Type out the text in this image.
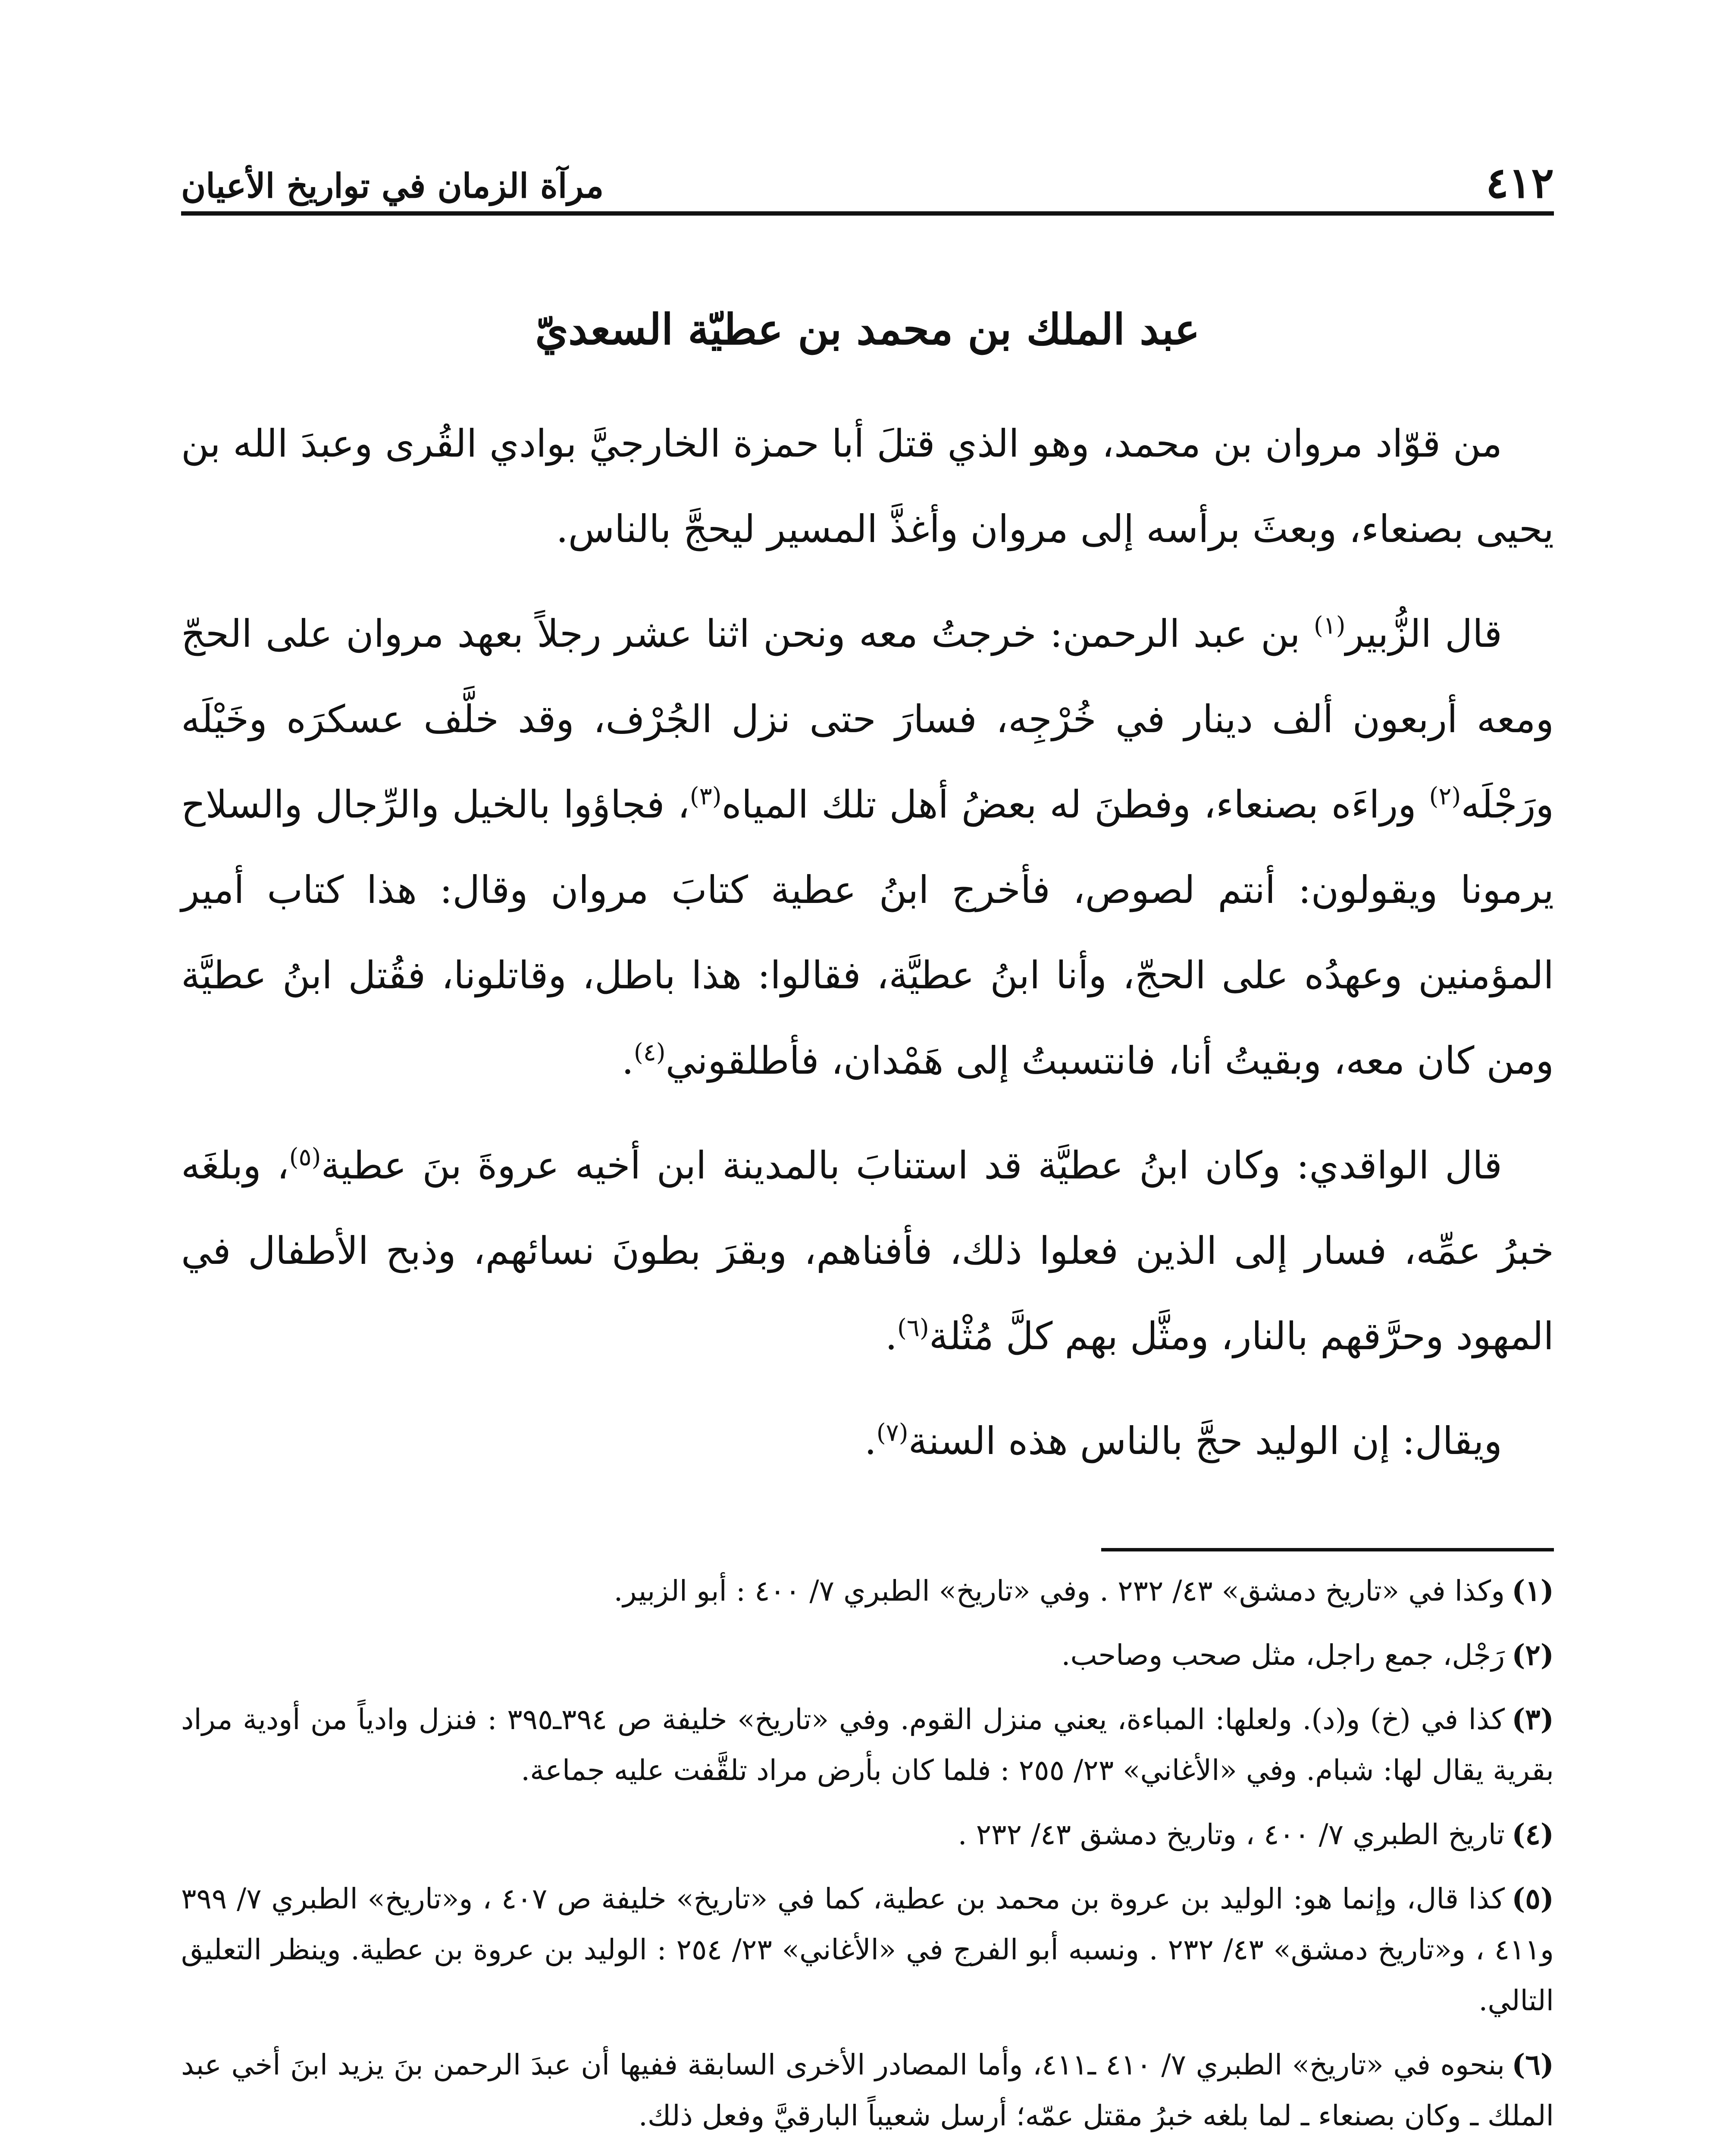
٤١٢
مرآة الزمان في تواريخ الأعيان
عبد الملك بن محمد بن عطيّة السعديّ

من قوّاد مروان بن محمد، وهو الذي قتلَ أبا حمزة الخارجيَّ بوادي القُرى وعبدَ الله بن يحيى بصنعاء، وبعثَ برأسه إلى مروان وأغذَّ المسير ليحجَّ بالناس.

قال الزُّبير$^{(١)}$ بن عبد الرحمن: خرجتُ معه ونحن اثنا عشر رجلاً بعهد مروان على الحجّ ومعه أربعون ألف دينار في خُرْجِه، فسارَ حتى نزل الجُرْف، وقد خلَّف عسكرَه وخَيْلَه ورَجْلَه$^{(٢)}$ وراءَه بصنعاء، وفطنَ له بعضُ أهل تلك المياه$^{(٣)}$، فجاؤوا بالخيل والرِّجال والسلاح يرمونا ويقولون: أنتم لصوص، فأخرج ابنُ عطية كتابَ مروان وقال: هذا كتاب أمير المؤمنين وعهدُه على الحجّ، وأنا ابنُ عطيَّة، فقالوا: هذا باطل، وقاتلونا، فقُتل ابنُ عطيَّة ومن كان معه، وبقيتُ أنا، فانتسبتُ إلى هَمْدان، فأطلقوني$^{(٤)}$.

قال الواقدي: وكان ابنُ عطيَّة قد استنابَ بالمدينة ابن أخيه عروةَ بنَ عطية$^{(٥)}$، وبلغَه خبرُ عمِّه، فسار إلى الذين فعلوا ذلك، فأفناهم، وبقرَ بطونَ نسائهم، وذبح الأطفال في المهود وحرَّقهم بالنار، ومثَّل بهم كلَّ مُثْلة$^{(٦)}$.

ويقال: إن الوليد حجَّ بالناس هذه السنة$^{(٧)}$.

(١)وكذا في «تاريخ دمشق» ٤٣/ ٢٣٢ . وفي «تاريخ» الطبري ٧/ ٤٠٠ : أبو الزبير.

(٢)رَجْل، جمع راجل، مثل صحب وصاحب.

(٣)كذا في (خ) و(د). ولعلها: المباءة، يعني منزل القوم. وفي «تاريخ» خليفة ص ٣٩٤ـ٣٩٥ : فنزل وادياً من أودية مراد بقرية يقال لها: شبام. وفي «الأغاني» ٢٣/ ٢٥٥ : فلما كان بأرض مراد تلقَّفت عليه جماعة.

(٤)تاريخ الطبري ٧/ ٤٠٠ ، وتاريخ دمشق ٤٣/ ٢٣٢ .

(٥)كذا قال، وإنما هو: الوليد بن عروة بن محمد بن عطية، كما في «تاريخ» خليفة ص ٤٠٧ ، و«تاريخ» الطبري ٧/ ٣٩٩ و٤١١ ، و«تاريخ دمشق» ٤٣/ ٢٣٢ . ونسبه أبو الفرج في «الأغاني» ٢٣/ ٢٥٤ : الوليد بن عروة بن عطية. وينظر التعليق التالي.

(٦)بنحوه في «تاريخ» الطبري ٧/ ٤١٠ ـ٤١١، وأما المصادر الأخرى السابقة ففيها أن عبدَ الرحمن بنَ يزيد ابنَ أخي عبد الملك ـ وكان بصنعاء ـ لما بلغه خبرُ مقتل عمّه؛ أرسل شعيباً البارقيَّ وفعل ذلك.
